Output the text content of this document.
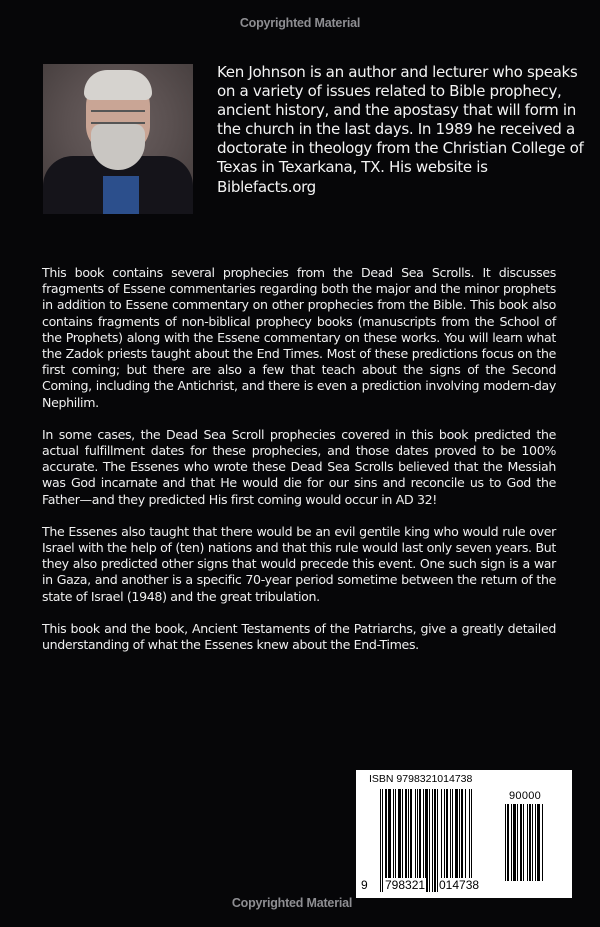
Copyrighted Material
Ken Johnson is an author and lecturer who speaks on a variety of issues related to Bible prophecy, ancient history, and the apostasy that will form in the church in the last days. In 1989 he received a doctorate in theology from the Christian College of Texas in Texarkana, TX. His website is Biblefacts.org

This book contains several prophecies from the Dead Sea Scrolls. It discusses fragments of Essene commentaries regarding both the major and the minor prophets in addition to Essene commentary on other prophecies from the Bible. This book also contains fragments of non-biblical prophecy books (manuscripts from the School of the Prophets) along with the Essene commentary on these works. You will learn what the Zadok priests taught about the End Times. Most of these predictions focus on the first coming; but there are also a few that teach about the signs of the Second Coming, including the Antichrist, and there is even a prediction involving modern-day Nephilim.

In some cases, the Dead Sea Scroll prophecies covered in this book predicted the actual fulfillment dates for these prophecies, and those dates proved to be 100% accurate. The Essenes who wrote these Dead Sea Scrolls believed that the Messiah was God incarnate and that He would die for our sins and reconcile us to God the Father—and they predicted His first coming would occur in AD 32!

The Essenes also taught that there would be an evil gentile king who would rule over Israel with the help of (ten) nations and that this rule would last only seven years. But they also predicted other signs that would precede this event. One such sign is a war in Gaza, and another is a specific 70-year period sometime between the return of the state of Israel (1948) and the great tribulation.

This book and the book, Ancient Testaments of the Patriarchs, give a greatly detailed understanding of what the Essenes knew about the End-Times.

ISBN 9798321014738
90000
9 798321 014738
Copyrighted Material
